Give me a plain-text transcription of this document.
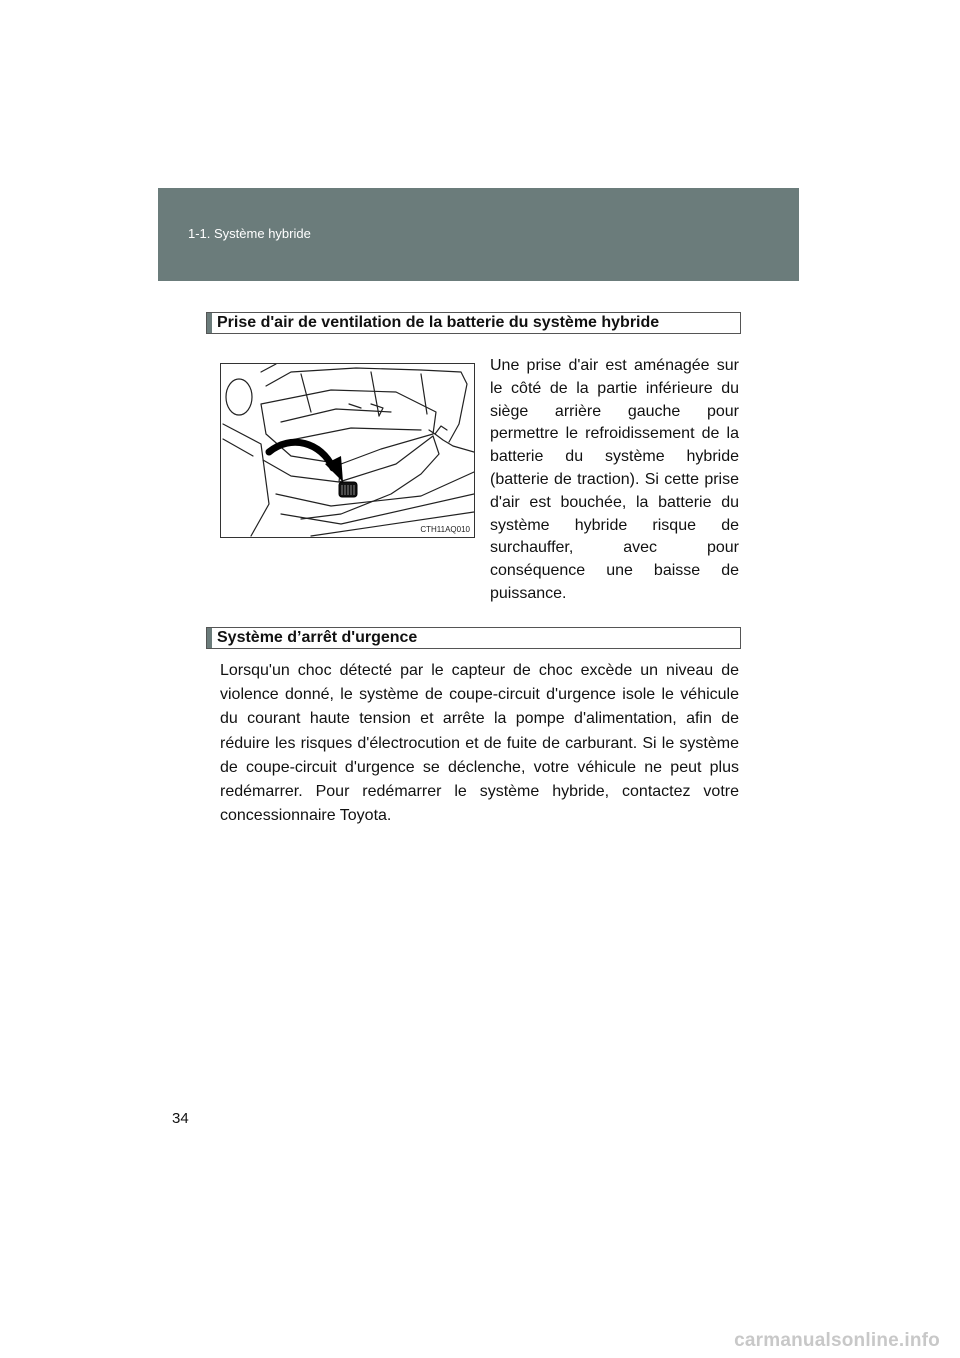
1-1. Système hybride
Prise d'air de ventilation de la batterie du système hybride
CTH11AQ010

Une prise d'air est aménagée sur le côté de la partie inférieure du siège arrière gauche pour permettre le refroidissement de la batterie du système hybride (batterie de traction). Si cette prise d'air est bouchée, la batterie du système hybride risque de surchauffer, avec pour conséquence une baisse de puissance.

Système d’arrêt d'urgence

Lorsqu'un choc détecté par le capteur de choc excède un niveau de violence donné, le système de coupe-circuit d'urgence isole le véhicule du courant haute tension et arrête la pompe d'alimentation, afin de réduire les risques d'électrocution et de fuite de carburant. Si le système de coupe-circuit d'urgence se déclenche, votre véhicule ne peut plus redémarrer. Pour redémarrer le système hybride, contactez votre concessionnaire Toyota.

34
carmanualsonline.info
